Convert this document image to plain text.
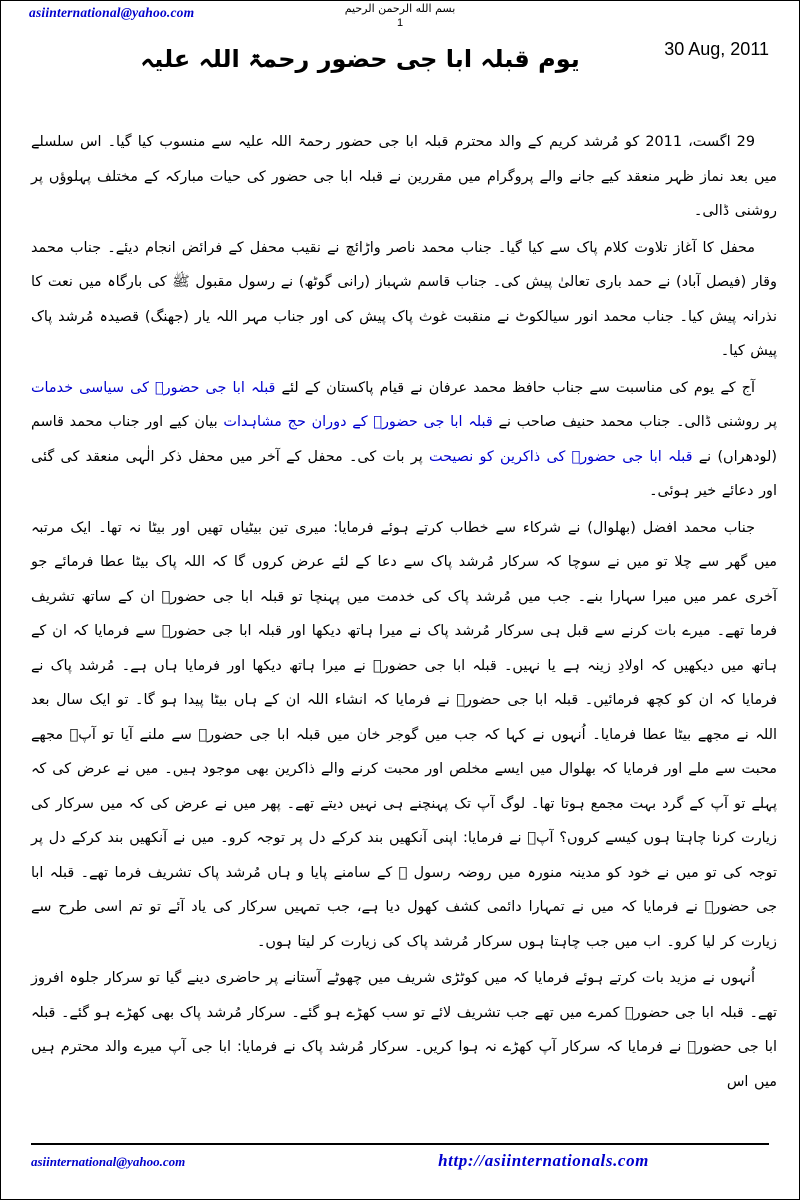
asiinternational@yahoo.com	بسم الله الرحمن الرحيم
1
30 Aug, 2011
يوم قبلہ ابا جی حضور رحمۃ اللہ علیہ

29 اگست، 2011 کو مُرشد کریم کے والد محترم قبلہ ابا جی حضور رحمۃ اللہ علیہ سے منسوب کیا گیا۔ اس سلسلے میں بعد نماز ظہر منعقد کیے جانے والے پروگرام میں مقررین نے قبلہ ابا جی حضور کی حیات مبارکہ کے مختلف پہلوؤں پر روشنی ڈالی۔

محفل کا آغاز تلاوت کلام پاک سے کیا گیا۔ جناب محمد ناصر واڑائچ نے نقیب محفل کے فرائض انجام دیئے۔ جناب محمد وقار (فیصل آباد) نے حمد باری تعالیٰ پیش کی۔ جناب قاسم شہباز (رانی گوٹھ) نے رسول مقبول ﷺ کی بارگاہ میں نعت کا نذرانہ پیش کیا۔ جناب محمد انور سیالکوٹ نے منقبت غوث پاک پیش کی اور جناب مہر اللہ یار (جھنگ) قصیدہ مُرشد پاک پیش کیا۔

آج کے یوم کی مناسبت سے جناب حافظ محمد عرفان نے قیام پاکستان کے لئے قبلہ ابا جی حضورؒ کی سیاسی خدمات پر روشنی ڈالی۔ جناب محمد حنیف صاحب نے قبلہ ابا جی حضورؒ کے دوران حج مشاہدات بیان کیے اور جناب محمد قاسم (لودھراں) نے قبلہ ابا جی حضورؒ کی ذاکرین کو نصیحت پر بات کی۔ محفل کے آخر میں محفل ذکر الٰہی منعقد کی گئی اور دعائے خیر ہوئی۔

جناب محمد افضل (بھلوال) نے شرکاء سے خطاب کرتے ہوئے فرمایا: میری تین بیٹیاں تھیں اور بیٹا نہ تھا۔ ایک مرتبہ میں گھر سے چلا تو میں نے سوچا کہ سرکار مُرشد پاک سے دعا کے لئے عرض کروں گا کہ اللہ پاک بیٹا عطا فرمائے جو آخری عمر میں میرا سہارا بنے۔ جب میں مُرشد پاک کی خدمت میں پہنچا تو قبلہ ابا جی حضورؒ ان کے ساتھ تشریف فرما تھے۔ میرے بات کرنے سے قبل ہی سرکار مُرشد پاک نے میرا ہاتھ دیکھا اور قبلہ ابا جی حضورؒ سے فرمایا کہ ان کے ہاتھ میں دیکھیں کہ اولادِ زینہ ہے یا نہیں۔ قبلہ ابا جی حضورؒ نے میرا ہاتھ دیکھا اور فرمایا ہاں ہے۔ مُرشد پاک نے فرمایا کہ ان کو کچھ فرمائیں۔ قبلہ ابا جی حضورؒ نے فرمایا کہ انشاء اللہ ان کے ہاں بیٹا پیدا ہو گا۔ تو ایک سال بعد اللہ نے مجھے بیٹا عطا فرمایا۔ اُنہوں نے کہا کہ جب میں گوجر خان میں قبلہ ابا جی حضورؒ سے ملنے آیا تو آپؒ مجھے محبت سے ملے اور فرمایا کہ بھلوال میں ایسے مخلص اور محبت کرنے والے ذاکرین بھی موجود ہیں۔ میں نے عرض کی کہ پہلے تو آپ کے گرد بہت مجمع ہوتا تھا۔ لوگ آپ تک پہنچنے ہی نہیں دیتے تھے۔ پھر میں نے عرض کی کہ میں سرکار کی زیارت کرنا چاہتا ہوں کیسے کروں؟ آپؒ نے فرمایا: اپنی آنکھیں بند کرکے دل پر توجہ کرو۔ میں نے آنکھیں بند کرکے دل پر توجہ کی تو میں نے خود کو مدینہ منورہ میں روضہ رسول ﷺ کے سامنے پایا و ہاں مُرشد پاک تشریف فرما تھے۔ قبلہ ابا جی حضورؒ نے فرمایا کہ میں نے تمہارا دائمی کشف کھول دیا ہے، جب تمہیں سرکار کی یاد آئے تو تم اسی طرح سے زیارت کر لیا کرو۔ اب میں جب چاہتا ہوں سرکار مُرشد پاک کی زیارت کر لیتا ہوں۔

اُنہوں نے مزید بات کرتے ہوئے فرمایا کہ میں کوٹڑی شریف میں چھوٹے آستانے پر حاضری دینے گیا تو سرکار جلوہ افروز تھے۔ قبلہ ابا جی حضورؒ کمرے میں تھے جب تشریف لائے تو سب کھڑے ہو گئے۔ سرکار مُرشد پاک بھی کھڑے ہو گئے۔ قبلہ ابا جی حضورؒ نے فرمایا کہ سرکار آپ کھڑے نہ ہوا کریں۔ سرکار مُرشد پاک نے فرمایا: ابا جی آپ میرے والد محترم ہیں میں اس

asiinternational@yahoo.com	http://asiinternationals.com
